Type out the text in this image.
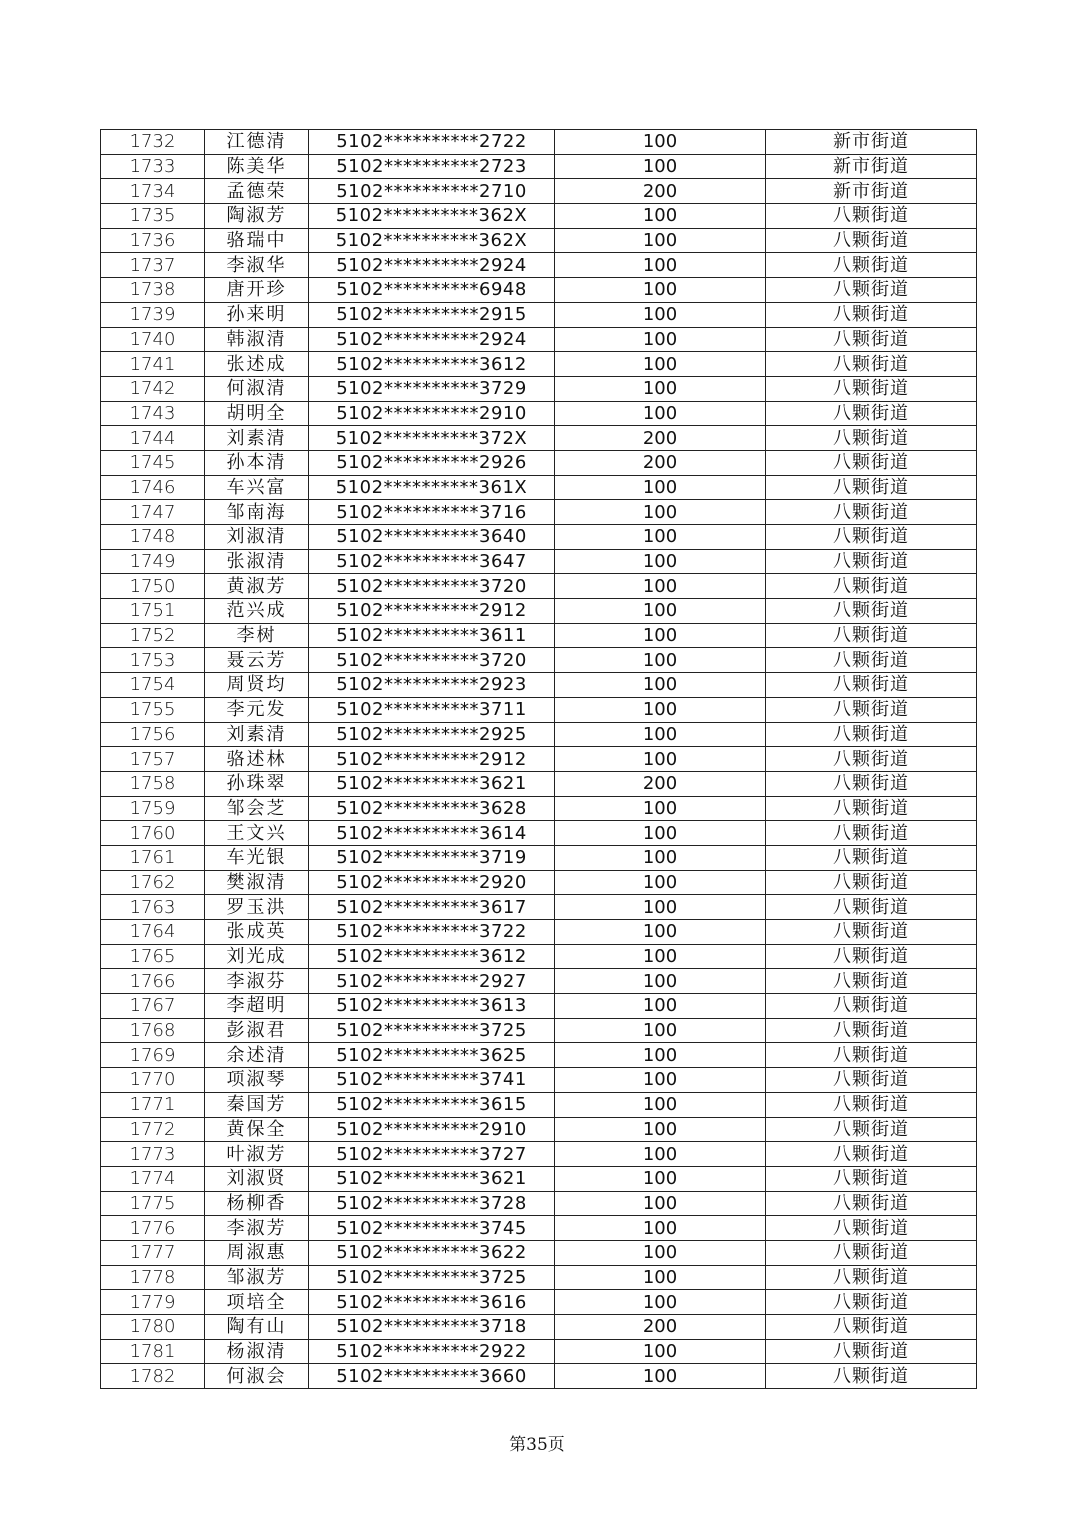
1732	江德清	5102**********2722	100	新市街道
1733	陈美华	5102**********2723	100	新市街道
1734	孟德荣	5102**********2710	200	新市街道
1735	陶淑芳	5102**********362X	100	八颗街道
1736	骆瑞中	5102**********362X	100	八颗街道
1737	李淑华	5102**********2924	100	八颗街道
1738	唐开珍	5102**********6948	100	八颗街道
1739	孙来明	5102**********2915	100	八颗街道
1740	韩淑清	5102**********2924	100	八颗街道
1741	张述成	5102**********3612	100	八颗街道
1742	何淑清	5102**********3729	100	八颗街道
1743	胡明全	5102**********2910	100	八颗街道
1744	刘素清	5102**********372X	200	八颗街道
1745	孙本清	5102**********2926	200	八颗街道
1746	车兴富	5102**********361X	100	八颗街道
1747	邹南海	5102**********3716	100	八颗街道
1748	刘淑清	5102**********3640	100	八颗街道
1749	张淑清	5102**********3647	100	八颗街道
1750	黄淑芳	5102**********3720	100	八颗街道
1751	范兴成	5102**********2912	100	八颗街道
1752	李树	5102**********3611	100	八颗街道
1753	聂云芳	5102**********3720	100	八颗街道
1754	周贤均	5102**********2923	100	八颗街道
1755	李元发	5102**********3711	100	八颗街道
1756	刘素清	5102**********2925	100	八颗街道
1757	骆述林	5102**********2912	100	八颗街道
1758	孙珠翠	5102**********3621	200	八颗街道
1759	邹会芝	5102**********3628	100	八颗街道
1760	王文兴	5102**********3614	100	八颗街道
1761	车光银	5102**********3719	100	八颗街道
1762	樊淑清	5102**********2920	100	八颗街道
1763	罗玉洪	5102**********3617	100	八颗街道
1764	张成英	5102**********3722	100	八颗街道
1765	刘光成	5102**********3612	100	八颗街道
1766	李淑芬	5102**********2927	100	八颗街道
1767	李超明	5102**********3613	100	八颗街道
1768	彭淑君	5102**********3725	100	八颗街道
1769	余述清	5102**********3625	100	八颗街道
1770	项淑琴	5102**********3741	100	八颗街道
1771	秦国芳	5102**********3615	100	八颗街道
1772	黄保全	5102**********2910	100	八颗街道
1773	叶淑芳	5102**********3727	100	八颗街道
1774	刘淑贤	5102**********3621	100	八颗街道
1775	杨柳香	5102**********3728	100	八颗街道
1776	李淑芳	5102**********3745	100	八颗街道
1777	周淑惠	5102**********3622	100	八颗街道
1778	邹淑芳	5102**********3725	100	八颗街道
1779	项培全	5102**********3616	100	八颗街道
1780	陶有山	5102**********3718	200	八颗街道
1781	杨淑清	5102**********2922	100	八颗街道
1782	何淑会	5102**********3660	100	八颗街道
第35页
